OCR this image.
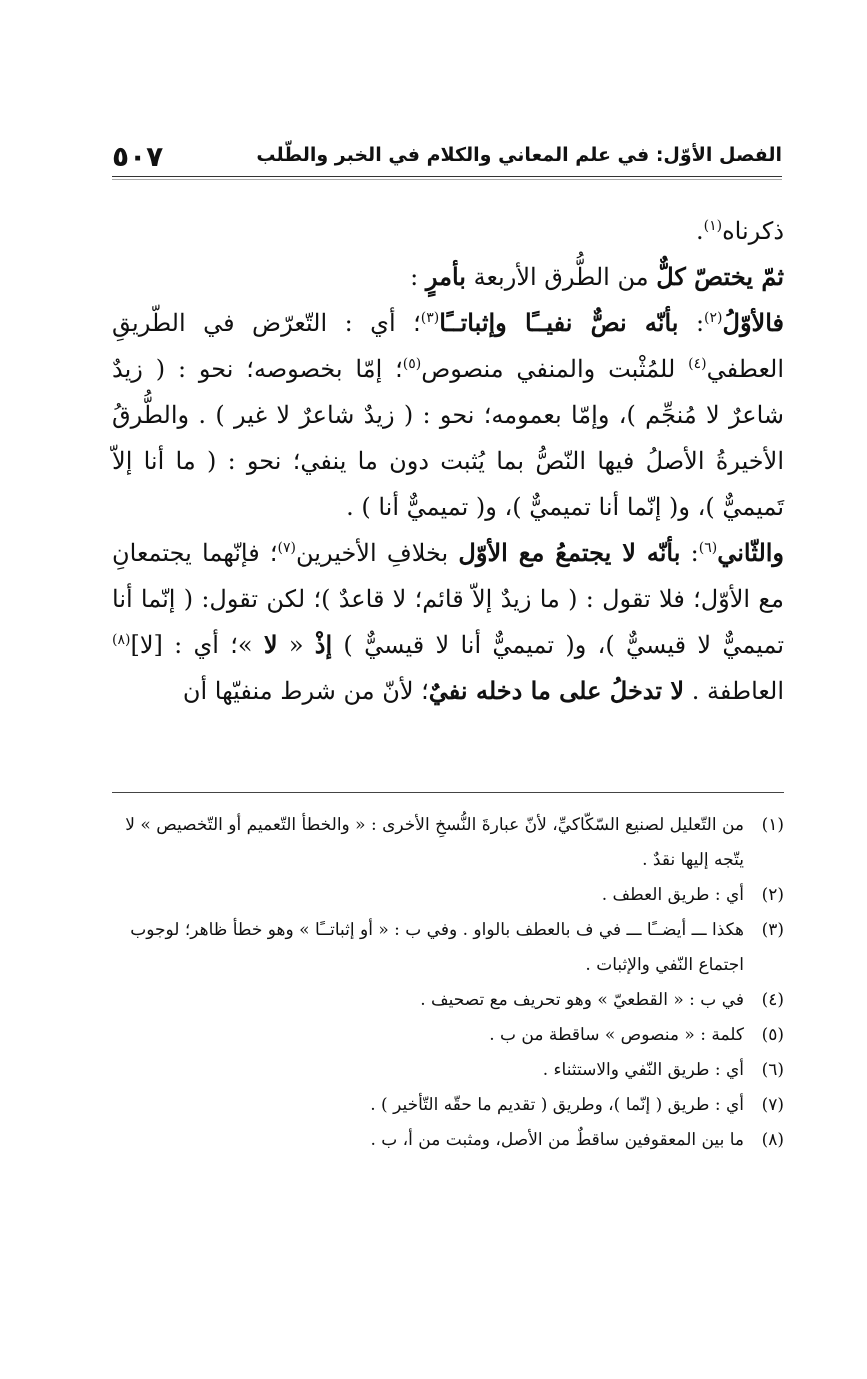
الفصل الأوّل: في علم المعاني والكلام في الخبر والطّلب
٥٠٧

ذكرناه$^{(١)}$.

ثمّ يختصّ كلٌّ من الطُّرق الأربعة بأمرٍ :

فالأوّلُ$^{(٢)}$: بأنّه نصٌّ نفيــًا وإثباتــًا$^{(٣)}$؛ أي : التّعرّض في الطّريقِ العطفي$^{(٤)}$ للمُثْبت والمنفي منصوص$^{(٥)}$؛ إمّا بخصوصه؛ نحو : ( زيدٌ شاعرٌ لا مُنجِّم )، وإمّا بعمومه؛ نحو : ( زيدٌ شاعرٌ لا غير ) . والطُّرقُ الأخيرةُ الأصلُ فيها النّصُّ بما يُثبت دون ما ينفي؛ نحو : ( ما أنا إلاّ تَميميٌّ )، و( إنّما أنا تميميٌّ )، و( تميميٌّ أنا ) .

والثّاني$^{(٦)}$: بأنّه لا يجتمعُ مع الأوّل بخلافِ الأخيرين$^{(٧)}$؛ فإنّهما يجتمعانِ مع الأوّل؛ فلا تقول : ( ما زيدٌ إلاّ قائم؛ لا قاعدٌ )؛ لكن تقول: ( إنّما أنا تميميٌّ لا قيسيٌّ )، و( تميميٌّ أنا لا قيسيٌّ ) إذْ « لا »؛ أي : [لا]$^{(٨)}$ العاطفة . لا تدخلُ على ما دخله نفيٌ؛ لأنّ من شرط منفيّها أن

(١)
من التّعليل لصنيع السّكّاكيِّ، لأنّ عبارةَ النُّسخِ الأخرى : « والخطأ التّعميم أو التّخصيص » لا يتّجه إليها نقدٌ .
(٢)
أي : طريق العطف .
(٣)
هكذا ـــ أيضــًا ـــ في ف بالعطف بالواو . وفي ب : « أو إثباتــًا » وهو خطأ ظاهر؛ لوجوب اجتماع النّفي والإثبات .
(٤)
في ب : « القطعيّ » وهو تحريف مع تصحيف .
(٥)
كلمة : « منصوص » ساقطة من ب .
(٦)
أي : طريق النّفي والاستثناء .
(٧)
أي : طريق ( إنّما )، وطريق ( تقديم ما حقّه التّأخير ) .
(٨)
ما بين المعقوفين ساقطٌ من الأصل، ومثبت من أ، ب .
